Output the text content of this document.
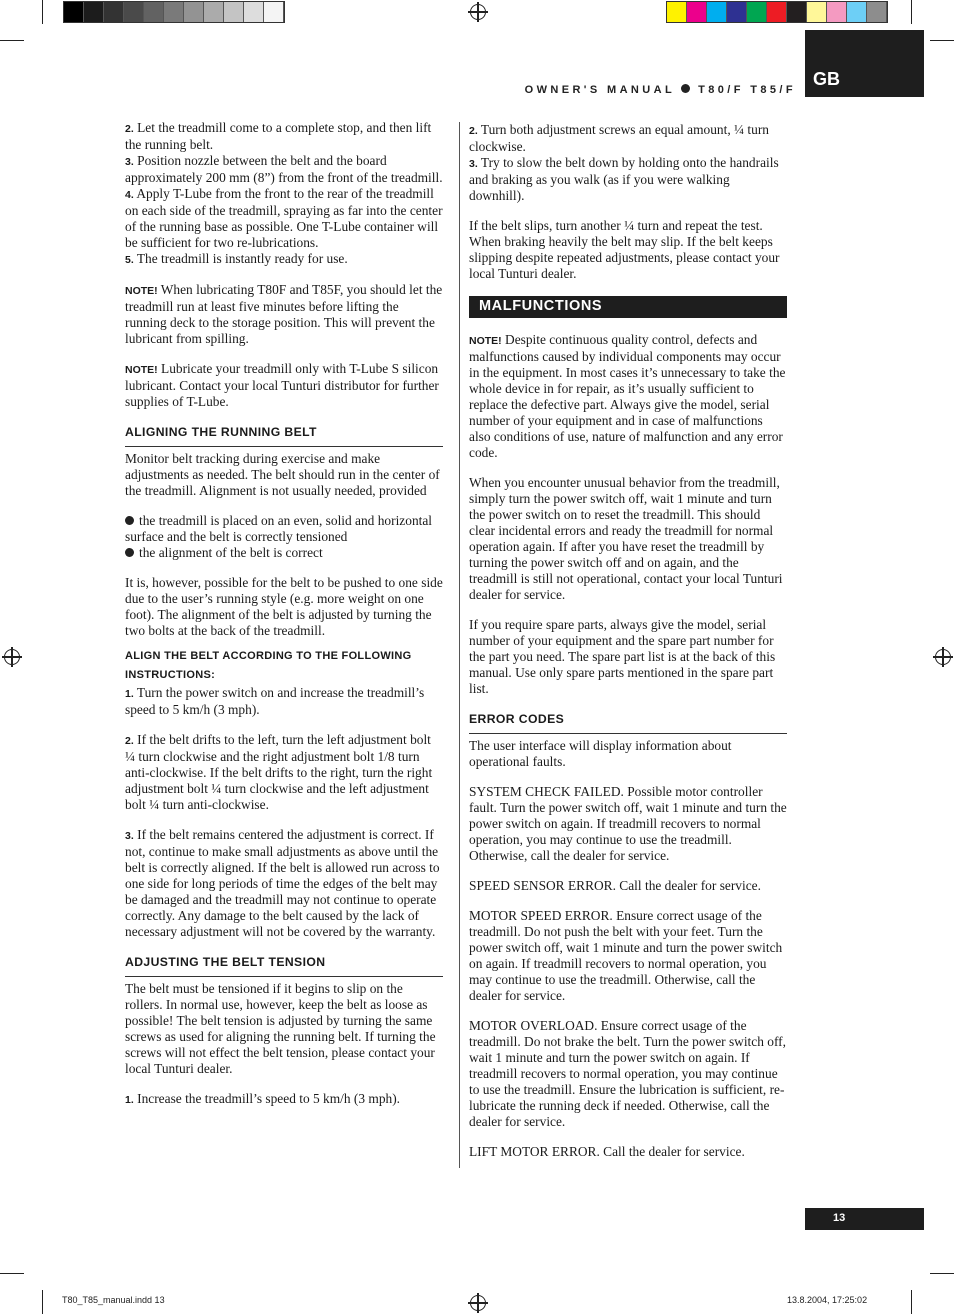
OWNER'S MANUAL T80/F T85/F
GB

2. Let the treadmill come to a complete stop, and then lift the running belt.

3. Position nozzle between the belt and the board approximately 200 mm (8”) from the front of the treadmill.

4. Apply T-Lube from the front to the rear of the treadmill on each side of the treadmill, spraying as far into the center of the running base as possible. One T-Lube container will be sufficient for two re-lubrications.

5. The treadmill is instantly ready for use.

NOTE! When lubricating T80F and T85F, you should let the treadmill run at least five minutes before lifting the running deck to the storage position. This will prevent the lubricant from spilling.

NOTE! Lubricate your treadmill only with T-Lube S silicon lubricant. Contact your local Tunturi distributor for further supplies of T-Lube.

ALIGNING THE RUNNING BELT

Monitor belt tracking during exercise and make adjustments as needed. The belt should run in the center of the treadmill. Alignment is not usually needed, provided

the treadmill is placed on an even, solid and horizontal surface and the belt is correctly tensioned

the alignment of the belt is correct

It is, however, possible for the belt to be pushed to one side due to the user’s running style (e.g. more weight on one foot). The alignment of the belt is adjusted by turning the two bolts at the back of the treadmill.

ALIGN THE BELT ACCORDING TO THE FOLLOWING INSTRUCTIONS:

1. Turn the power switch on and increase the treadmill’s speed to 5 km/h (3 mph).

2. If the belt drifts to the left, turn the left adjustment bolt ¼ turn clockwise and the right adjustment bolt 1/8 turn anti-clockwise. If the belt drifts to the right, turn the right adjustment bolt ¼ turn clockwise and the left adjustment bolt ¼ turn anti-clockwise.

3. If the belt remains centered the adjustment is correct. If not, continue to make small adjustments as above until the belt is correctly aligned. If the belt is allowed run across to one side for long periods of time the edges of the belt may be damaged and the treadmill may not continue to operate correctly. Any damage to the belt caused by the lack of necessary adjustment will not be covered by the warranty.

ADJUSTING THE BELT TENSION

The belt must be tensioned if it begins to slip on the rollers. In normal use, however, keep the belt as loose as possible! The belt tension is adjusted by turning the same screws as used for aligning the running belt. If turning the screws will not effect the belt tension, please contact your local Tunturi dealer.

1. Increase the treadmill’s speed to 5 km/h (3 mph).

2. Turn both adjustment screws an equal amount, ¼ turn clockwise.

3. Try to slow the belt down by holding onto the handrails and braking as you walk (as if you were walking downhill).

If the belt slips, turn another ¼ turn and repeat the test. When braking heavily the belt may slip. If the belt keeps slipping despite repeated adjustments, please contact your local Tunturi dealer.

MALFUNCTIONS

NOTE! Despite continuous quality control, defects and malfunctions caused by individual components may occur in the equipment. In most cases it’s unnecessary to take the whole device in for repair, as it’s usually sufficient to replace the defective part. Always give the model, serial number of your equipment and in case of malfunctions also conditions of use, nature of malfunction and any error code.

When you encounter unusual behavior from the treadmill, simply turn the power switch off, wait 1 minute and turn the power switch on to reset the treadmill. This should clear incidental errors and ready the treadmill for normal operation again. If after you have reset the treadmill by turning the power switch off and on again, and the treadmill is still not operational, contact your local Tunturi dealer for service.

If you require spare parts, always give the model, serial number of your equipment and the spare part number for the part you need. The spare part list is at the back of this manual. Use only spare parts mentioned in the spare part list.

ERROR CODES

The user interface will display information about operational faults.

SYSTEM CHECK FAILED. Possible motor controller fault. Turn the power switch off, wait 1 minute and turn the power switch on again. If treadmill recovers to normal operation, you may continue to use the treadmill. Otherwise, call the dealer for service.

SPEED SENSOR ERROR. Call the dealer for service.

MOTOR SPEED ERROR. Ensure correct usage of the treadmill. Do not push the belt with your feet. Turn the power switch off, wait 1 minute and turn the power switch on again. If treadmill recovers to normal operation, you may continue to use the treadmill. Otherwise, call the dealer for service.

MOTOR OVERLOAD. Ensure correct usage of the treadmill. Do not brake the belt. Turn the power switch off, wait 1 minute and turn the power switch on again. If treadmill recovers to normal operation, you may continue to use the treadmill. Ensure the lubrication is sufficient, re-lubricate the running deck if needed. Otherwise, call the dealer for service.

LIFT MOTOR ERROR. Call the dealer for service.

13
T80_T85_manual.indd 13	13.8.2004, 17:25:02
